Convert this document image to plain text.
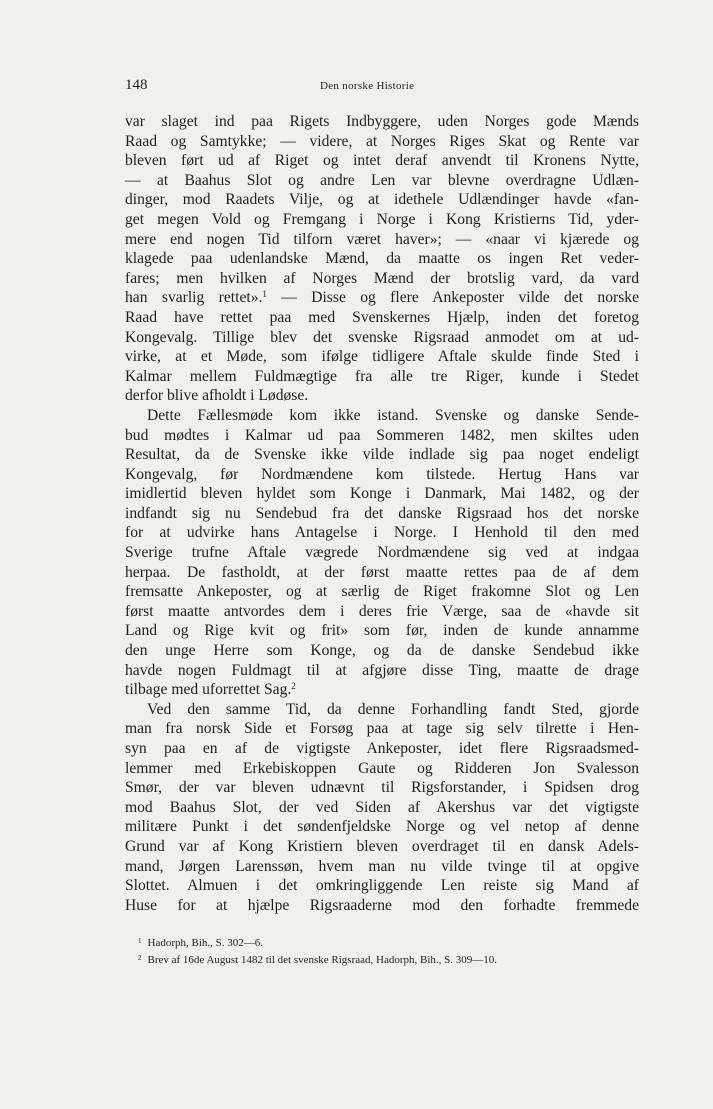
148	Den norske Historie
var slaget ind paa Rigets Indbyggere, uden Norges gode Mænds
Raad og Samtykke; — videre, at Norges Riges Skat og Rente var
bleven ført ud af Riget og intet deraf anvendt til Kronens Nytte,
— at Baahus Slot og andre Len var blevne overdragne Udlæn-
dinger, mod Raadets Vilje, og at idethele Udlændinger havde «fan-
get megen Vold og Fremgang i Norge i Kong Kristierns Tid, yder-
mere end nogen Tid tilforn været haver»; — «naar vi kjærede og
klagede paa udenlandske Mænd, da maatte os ingen Ret veder-
fares; men hvilken af Norges Mænd der brotslig vard, da vard
han svarlig rettet».$^1$ — Disse og flere Ankeposter vilde det norske
Raad have rettet paa med Svenskernes Hjælp, inden det foretog
Kongevalg. Tillige blev det svenske Rigsraad anmodet om at ud-
virke, at et Møde, som ifølge tidligere Aftale skulde finde Sted i
Kalmar mellem Fuldmægtige fra alle tre Riger, kunde i Stedet
derfor blive afholdt i Lødøse.
Dette Fællesmøde kom ikke istand. Svenske og danske Sende-
bud mødtes i Kalmar ud paa Sommeren 1482, men skiltes uden
Resultat, da de Svenske ikke vilde indlade sig paa noget endeligt
Kongevalg, før Nordmændene kom tilstede. Hertug Hans var
imidlertid bleven hyldet som Konge i Danmark, Mai 1482, og der
indfandt sig nu Sendebud fra det danske Rigsraad hos det norske
for at udvirke hans Antagelse i Norge. I Henhold til den med
Sverige trufne Aftale vægrede Nordmændene sig ved at indgaa
herpaa. De fastholdt, at der først maatte rettes paa de af dem
fremsatte Ankeposter, og at særlig de Riget frakomne Slot og Len
først maatte antvordes dem i deres frie Værge, saa de «havde sit
Land og Rige kvit og frit» som før, inden de kunde annamme
den unge Herre som Konge, og da de danske Sendebud ikke
havde nogen Fuldmagt til at afgjøre disse Ting, maatte de drage
tilbage med uforrettet Sag.$^2$
Ved den samme Tid, da denne Forhandling fandt Sted, gjorde
man fra norsk Side et Forsøg paa at tage sig selv tilrette i Hen-
syn paa en af de vigtigste Ankeposter, idet flere Rigsraadsmed-
lemmer med Erkebiskoppen Gaute og Ridderen Jon Svalesson
Smør, der var bleven udnævnt til Rigsforstander, i Spidsen drog
mod Baahus Slot, der ved Siden af Akershus var det vigtigste
militære Punkt i det søndenfjeldske Norge og vel netop af denne
Grund var af Kong Kristiern bleven overdraget til en dansk Adels-
mand, Jørgen Larenssøn, hvem man nu vilde tvinge til at opgive
Slottet. Almuen i det omkringliggende Len reiste sig Mand af
Huse for at hjælpe Rigsraaderne mod den forhadte fremmede
$^1$ Hadorph, Bih., S. 302—6.
$^2$ Brev af 16de August 1482 til det svenske Rigsraad, Hadorph, Bih., S. 309—10.
